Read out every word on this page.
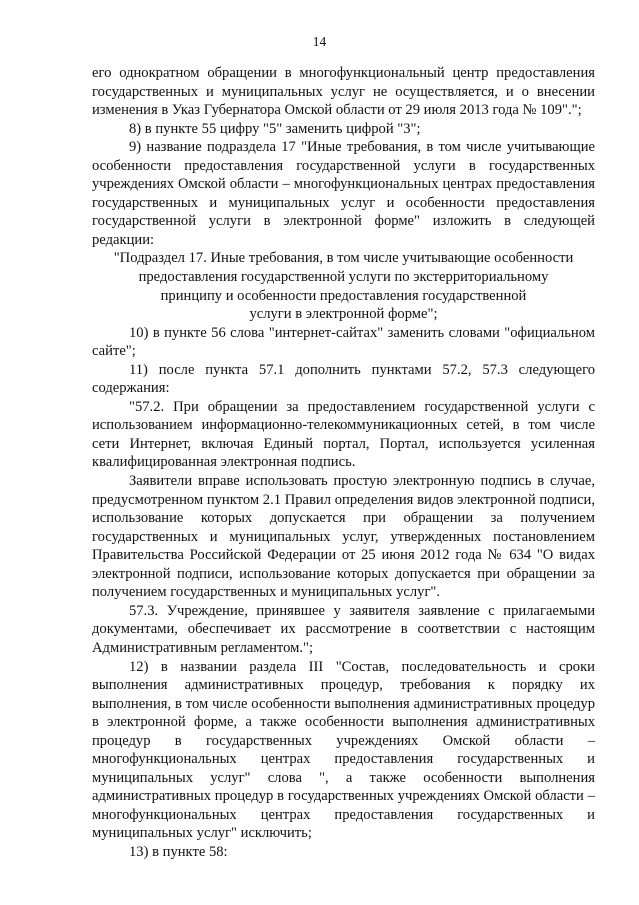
14

его однократном обращении в многофункциональный центр предоставления государственных и муниципальных услуг не осуществляется, и о внесении изменения в Указ Губернатора Омской области от 29 июля 2013 года № 109".";

8) в пункте 55 цифру "5" заменить цифрой "3";

9) название подраздела 17 "Иные требования, в том числе учитывающие особенности предоставления государственной услуги в государственных учреждениях Омской области – многофункциональных центрах предоставления государственных и муниципальных услуг и особенности предоставления государственной услуги в электронной форме" изложить в следующей редакции:

"Подраздел 17. Иные требования, в том числе учитывающие особенности

предоставления государственной услуги по экстерриториальному

принципу и особенности предоставления государственной

услуги в электронной форме";

10) в пункте 56 слова "интернет-сайтах" заменить словами "официальном сайте";

11) после пункта 57.1 дополнить пунктами 57.2, 57.3 следующего содержания:

"57.2. При обращении за предоставлением государственной услуги с использованием информационно-телекоммуникационных сетей, в том числе сети Интернет, включая Единый портал, Портал, используется усиленная квалифицированная электронная подпись.

Заявители вправе использовать простую электронную подпись в случае, предусмотренном пунктом 2.1 Правил определения видов электронной подписи, использование которых допускается при обращении за получением государственных и муниципальных услуг, утвержденных постановлением Правительства Российской Федерации от 25 июня 2012 года № 634 "О видах электронной подписи, использование которых допускается при обращении за получением государственных и муниципальных услуг".

57.3. Учреждение, принявшее у заявителя заявление с прилагаемыми документами, обеспечивает их рассмотрение в соответствии с настоящим Административным регламентом.";

12) в названии раздела III "Состав, последовательность и сроки выполнения административных процедур, требования к порядку их выполнения, в том числе особенности выполнения административных процедур в электронной форме, а также особенности выполнения административных процедур в государственных учреждениях Омской области – многофункциональных центрах предоставления государственных и муниципальных услуг" слова ", а также особенности выполнения административных процедур в государственных учреждениях Омской области – многофункциональных центрах предоставления государственных и муниципальных услуг" исключить;

13) в пункте 58:
